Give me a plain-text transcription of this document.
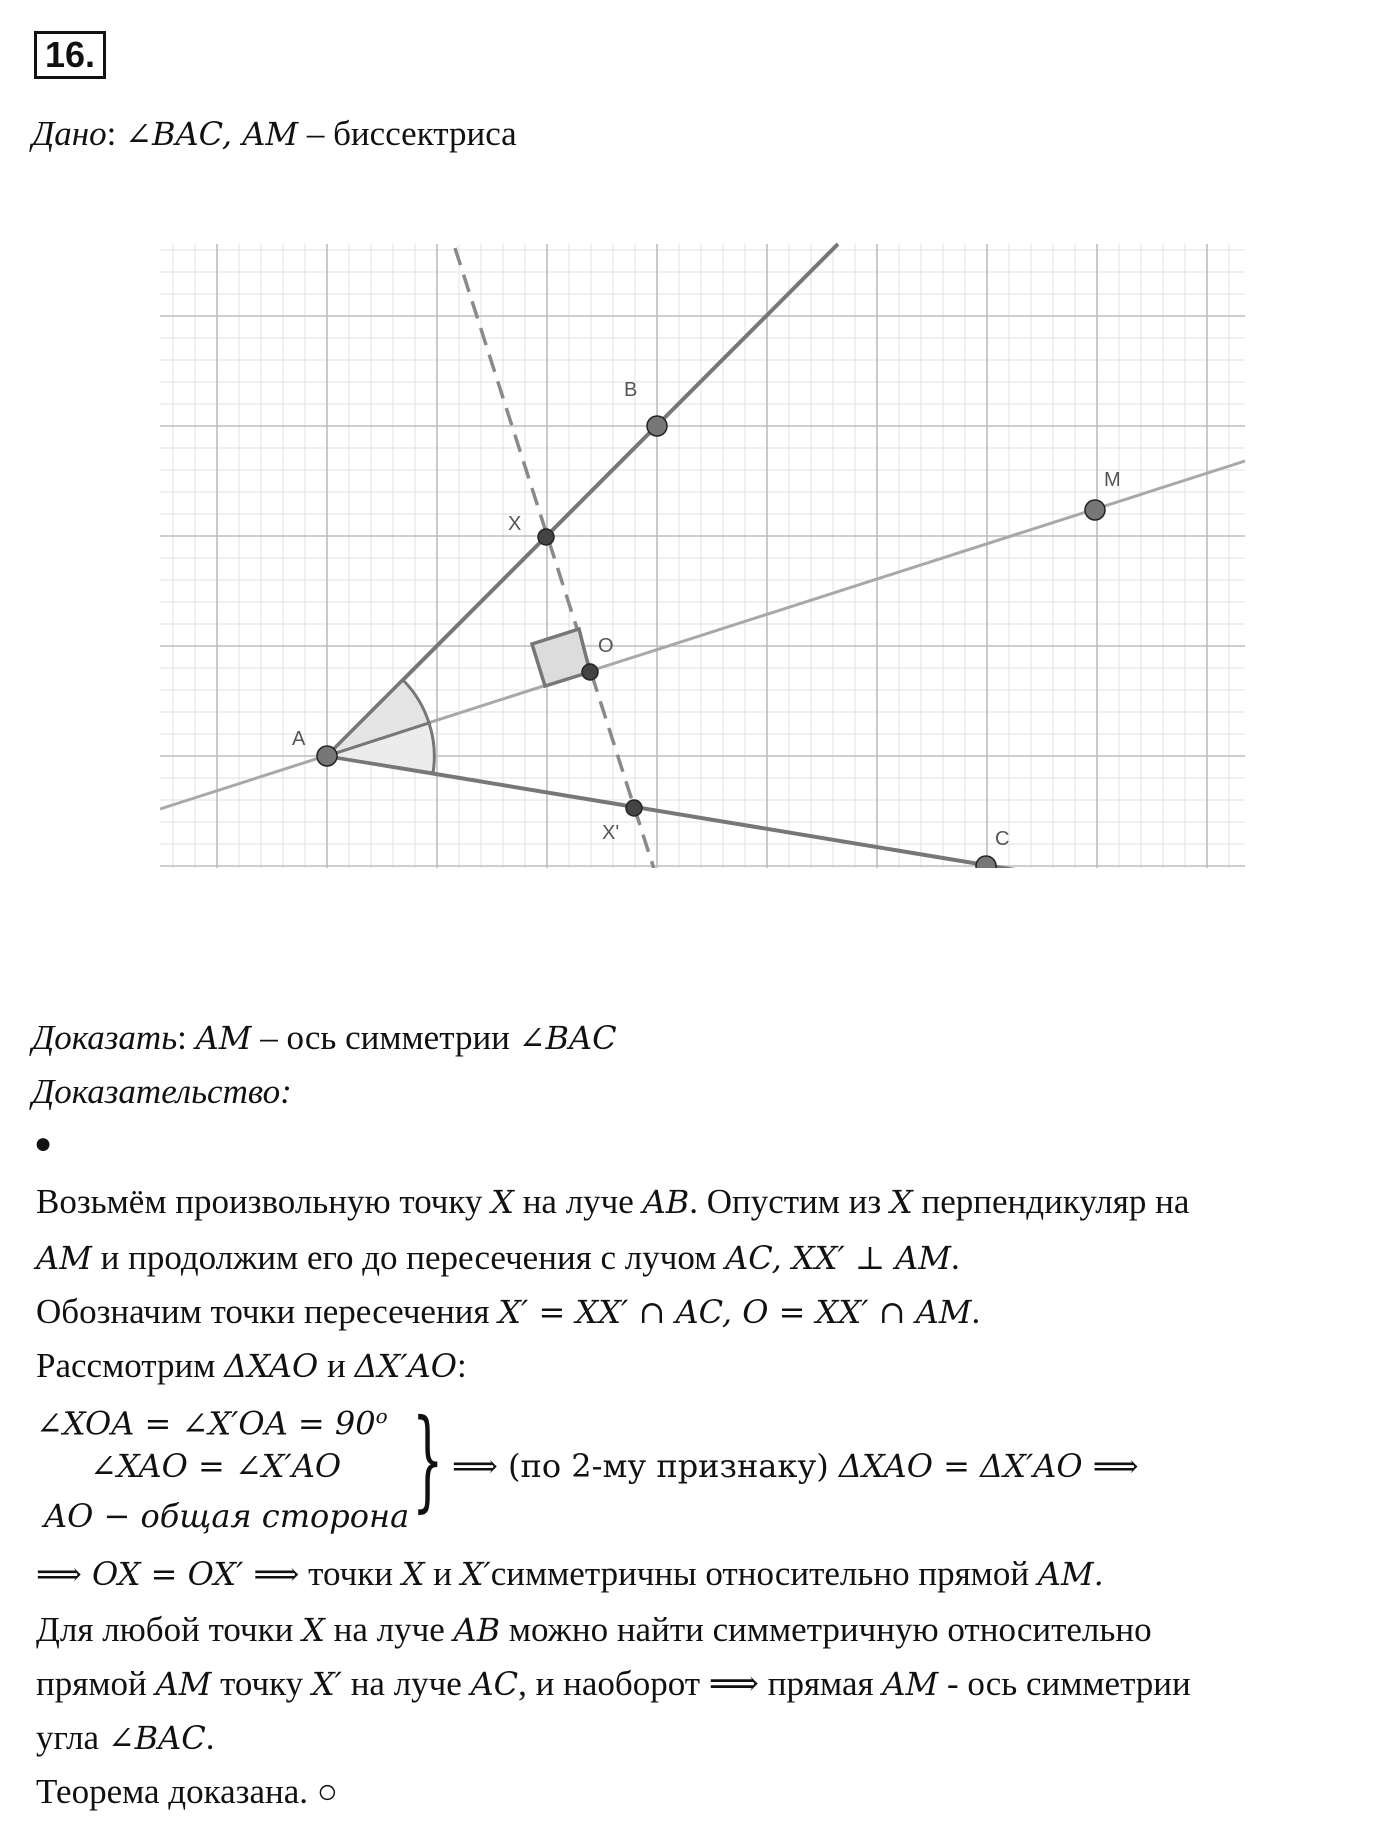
16.
Дано: ∠BAC, AM – биссектриса
A
B
C
M
X
X'
O
Доказать: AM – ось симметрии ∠BAC
Доказательство:
●
Возьмём произвольную точку X на луче AB. Опустим из X перпендикуляр на
AM и продолжим его до пересечения с лучом AC, XX′ ⊥ AM.
Обозначим точки пересечения X′ = XX′ ∩ AC, O = XX′ ∩ AM.
Рассмотрим ΔXAO и ΔX′AO:
∠XOA = ∠X′OA = $90^o$
∠XAO = ∠X′AO
AO − общая сторона } ⟹ (по 2-му признаку) ΔXAO = ΔX′AO ⟹
⟹ OX = OX′ ⟹ точки X и X′симметричны относительно прямой AM.
Для любой точки X на луче AB можно найти симметричную относительно
прямой AM точку X′ на луче AC, и наоборот ⟹ прямая AM - ось симметрии
угла ∠BAC.
Теорема доказана. ○
